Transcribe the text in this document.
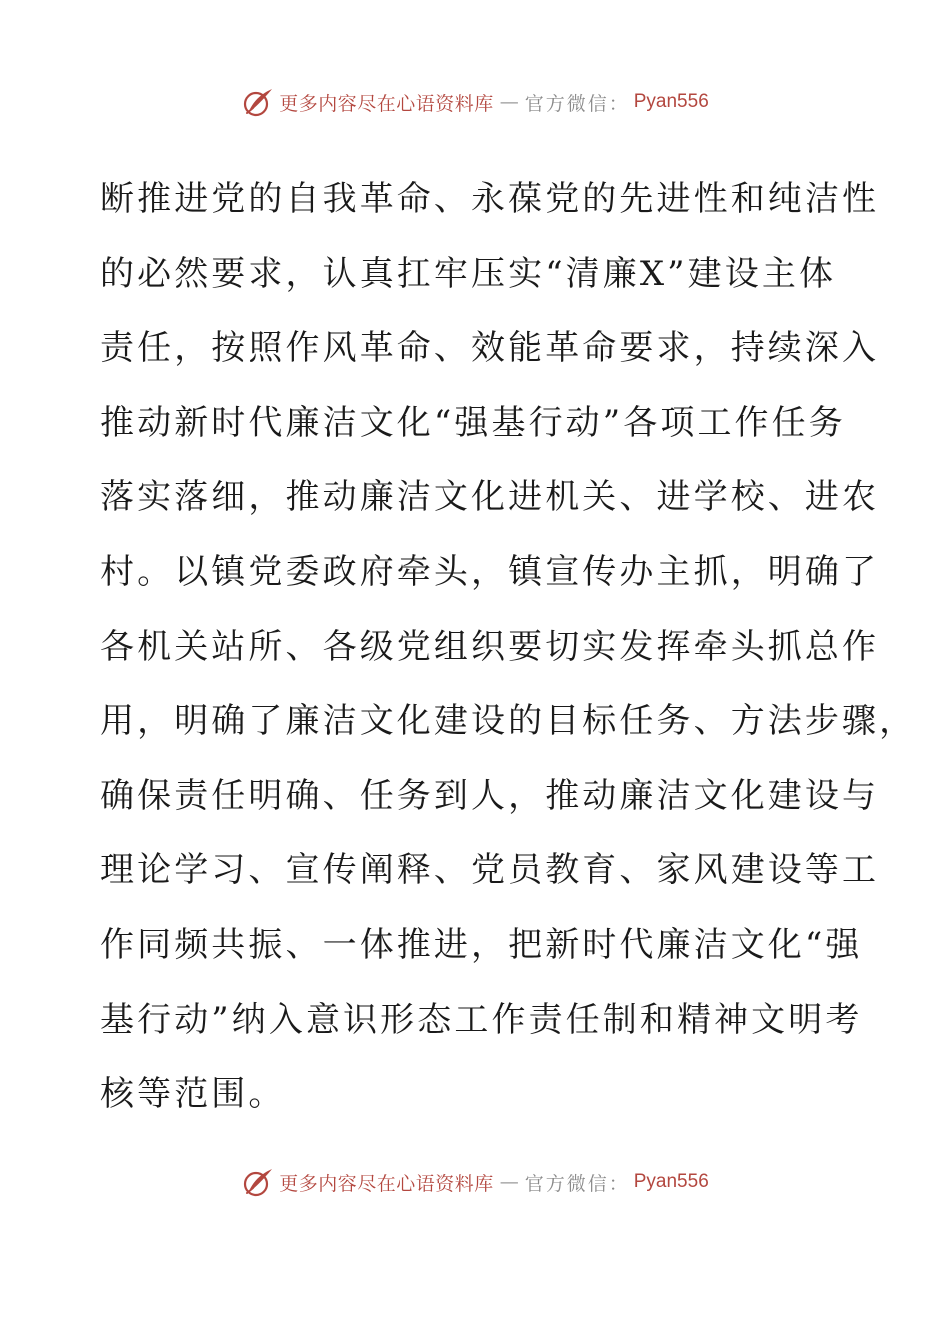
更多内容尽在心语资料库 — 官方微信： Pyan556
断推进党的自我革命、永葆党的先进性和纯洁性
的必然要求，认真扛牢压实“清廉X”建设主体
责任，按照作风革命、效能革命要求，持续深入
推动新时代廉洁文化“强基行动”各项工作任务
落实落细，推动廉洁文化进机关、进学校、进农
村。以镇党委政府牵头，镇宣传办主抓，明确了
各机关站所、各级党组织要切实发挥牵头抓总作
用，明确了廉洁文化建设的目标任务、方法步骤，
确保责任明确、任务到人，推动廉洁文化建设与
理论学习、宣传阐释、党员教育、家风建设等工
作同频共振、一体推进，把新时代廉洁文化“强
基行动”纳入意识形态工作责任制和精神文明考
核等范围。
更多内容尽在心语资料库 — 官方微信： Pyan556
